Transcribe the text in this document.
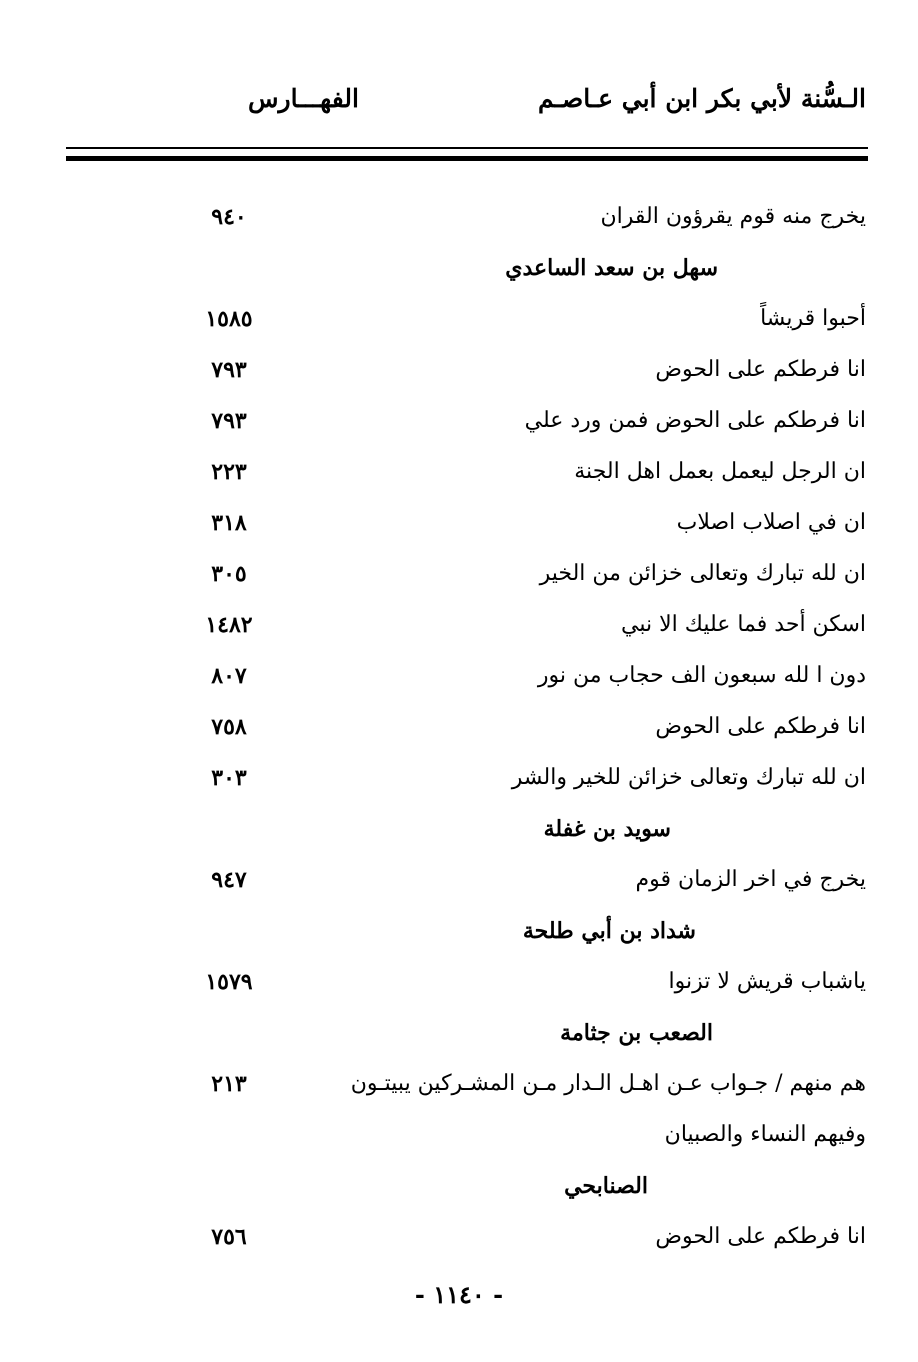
الـسُّنة لأبي بكر ابن أبي عـاصـم
الفهـــارس
يخرج منه قوم يقرؤون القران
٩٤٠
سهل بن سعد الساعدي
أحبوا قريشاً
١٥٨٥
انا فرطكم على الحوض
٧٩٣
انا فرطكم على الحوض فمن ورد علي
٧٩٣
ان الرجل ليعمل بعمل اهل الجنة
٢٢٣
ان في اصلاب اصلاب
٣١٨
ان لله تبارك وتعالى خزائن من الخير
٣٠٥
اسكن أحد فما عليك الا نبي
١٤٨٢
دون ا لله سبعون الف حجاب من نور
٨٠٧
انا فرطكم على الحوض
٧٥٨
ان لله تبارك وتعالى خزائن للخير والشر
٣٠٣
سويد بن غفلة
يخرج في اخر الزمان قوم
٩٤٧
شداد بن أبي طلحة
ياشباب قريش لا تزنوا
١٥٧٩
الصعب بن جثامة
هم منهم / جـواب عـن اهـل الـدار مـن المشـركين يبيتـون
٢١٣
وفيهم النساء والصبيان
الصنابحي
انا فرطكم على الحوض
٧٥٦
- ١١٤٠ -
